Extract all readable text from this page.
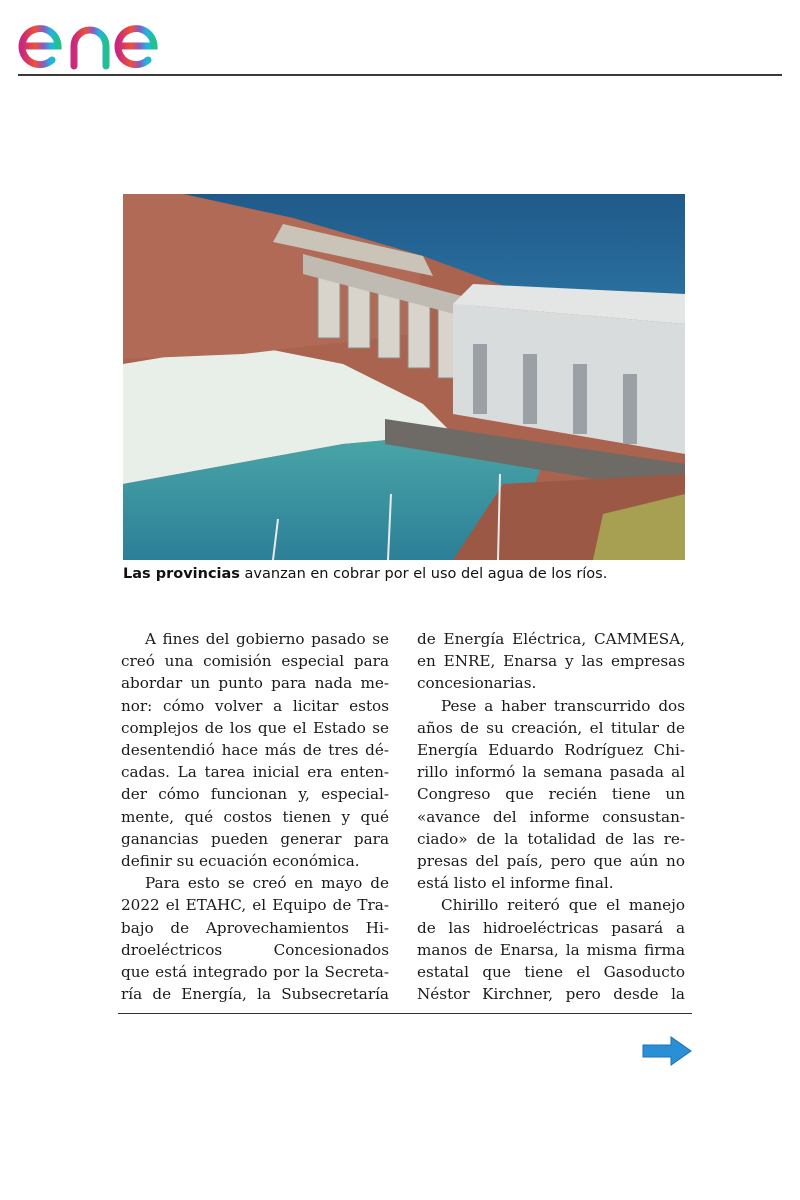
Las provincias avanzan en cobrar por el uso del agua de los ríos.
A fines del gobierno pasado se
creó una comisión especial para
abordar un punto para nada me-
nor: cómo volver a licitar estos
complejos de los que el Estado se
desentendió hace más de tres dé-
cadas. La tarea inicial era enten-
der cómo funcionan y, especial-
mente, qué costos tienen y qué
ganancias pueden generar para
definir su ecuación económica.
Para esto se creó en mayo de
2022 el ETAHC, el Equipo de Tra-
bajo de Aprovechamientos Hi-
droeléctricos Concesionados
que está integrado por la Secreta-
ría de Energía, la Subsecretaría
de Energía Eléctrica, CAMMESA,
en ENRE, Enarsa y las empresas
concesionarias.
Pese a haber transcurrido dos
años de su creación, el titular de
Energía Eduardo Rodríguez Chi-
rillo informó la semana pasada al
Congreso que recién tiene un
«avance del informe consustan-
ciado» de la totalidad de las re-
presas del país, pero que aún no
está listo el informe final.
Chirillo reiteró que el manejo
de las hidroeléctricas pasará a
manos de Enarsa, la misma firma
estatal que tiene el Gasoducto
Néstor Kirchner, pero desde la
